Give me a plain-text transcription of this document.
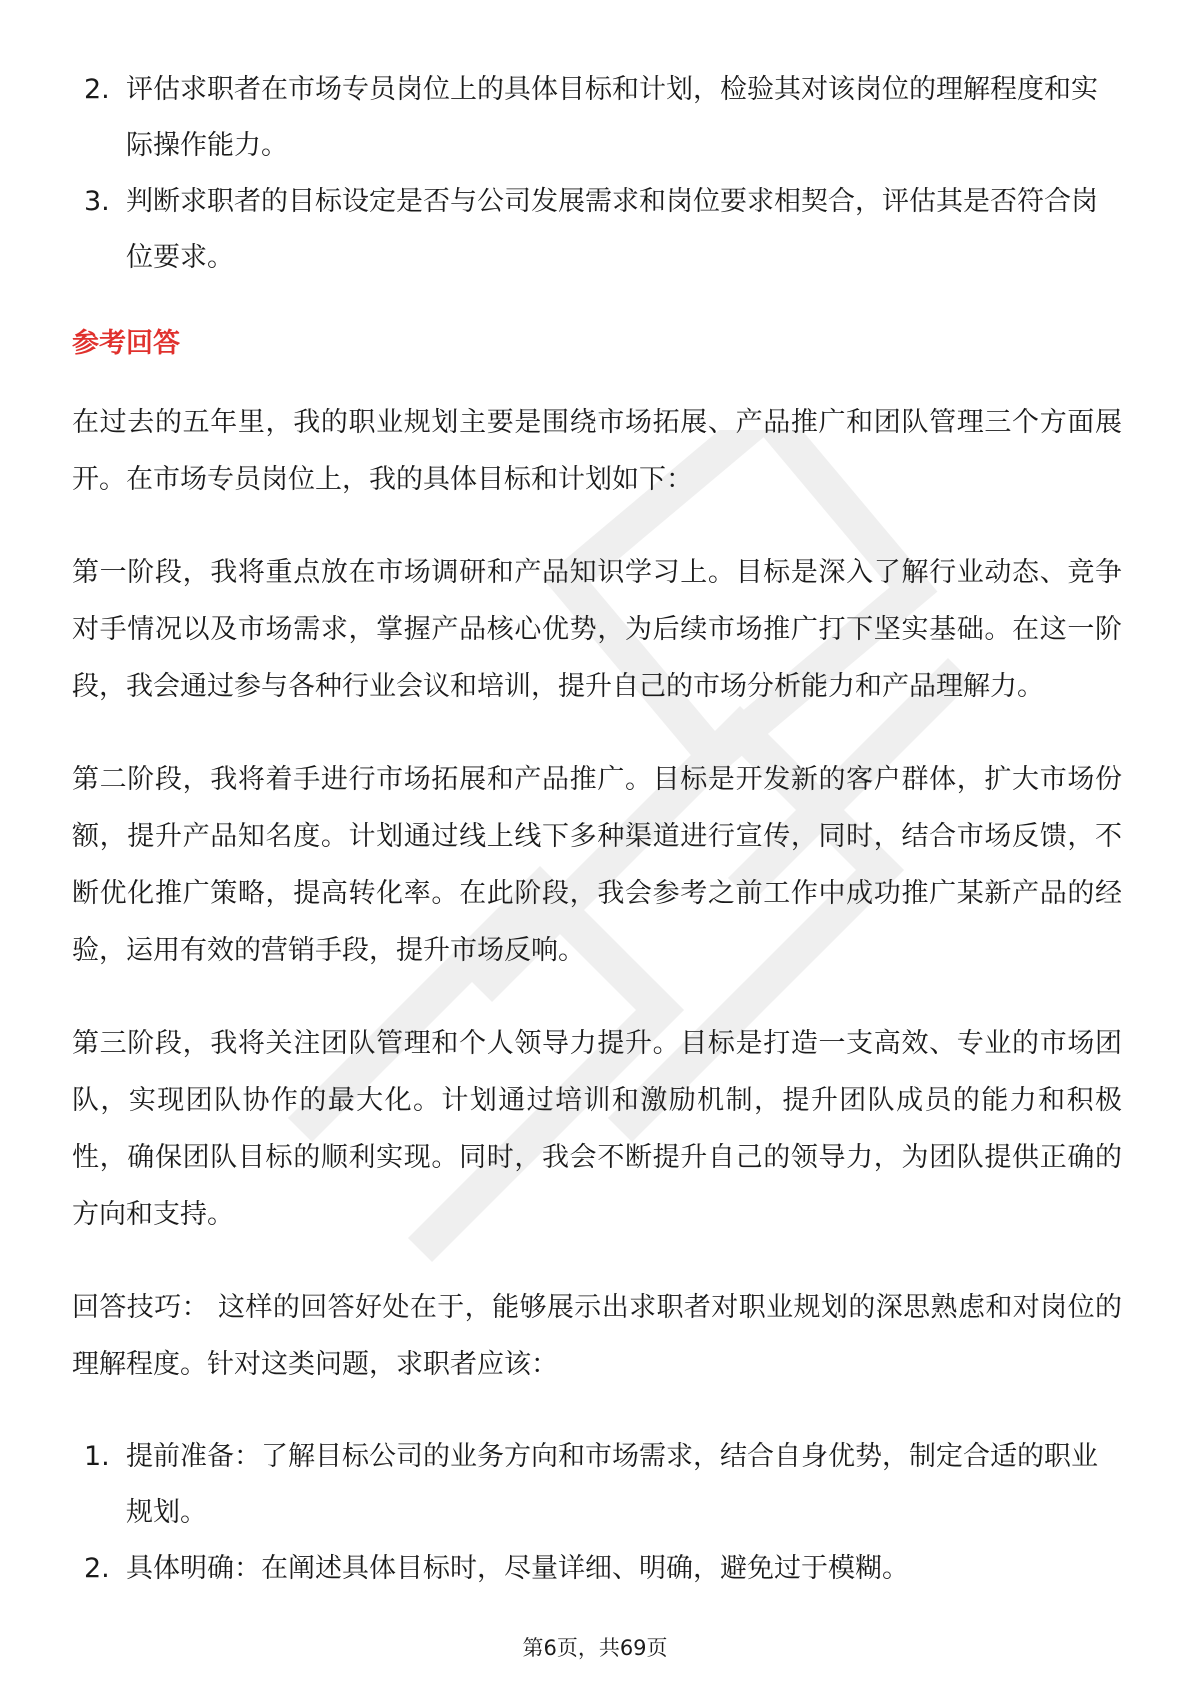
2. 评估求职者在市场专员岗位上的具体目标和计划，检验其对该岗位的理解程度和实际操作能力。
3. 判断求职者的目标设定是否与公司发展需求和岗位要求相契合，评估其是否符合岗位要求。
参考回答

在过去的五年里，我的职业规划主要是围绕市场拓展、产品推广和团队管理三个方面展开。在市场专员岗位上，我的具体目标和计划如下：

第一阶段，我将重点放在市场调研和产品知识学习上。目标是深入了解行业动态、竞争对手情况以及市场需求，掌握产品核心优势，为后续市场推广打下坚实基础。在这一阶段，我会通过参与各种行业会议和培训，提升自己的市场分析能力和产品理解力。

第二阶段，我将着手进行市场拓展和产品推广。目标是开发新的客户群体，扩大市场份额，提升产品知名度。计划通过线上线下多种渠道进行宣传，同时，结合市场反馈，不断优化推广策略，提高转化率。在此阶段，我会参考之前工作中成功推广某新产品的经验，运用有效的营销手段，提升市场反响。

第三阶段，我将关注团队管理和个人领导力提升。目标是打造一支高效、专业的市场团队，实现团队协作的最大化。计划通过培训和激励机制，提升团队成员的能力和积极性，确保团队目标的顺利实现。同时，我会不断提升自己的领导力，为团队提供正确的方向和支持。

回答技巧： 这样的回答好处在于，能够展示出求职者对职业规划的深思熟虑和对岗位的理解程度。针对这类问题，求职者应该：

1. 提前准备：了解目标公司的业务方向和市场需求，结合自身优势，制定合适的职业规划。
2. 具体明确：在阐述具体目标时，尽量详细、明确，避免过于模糊。
第6页，共69页
